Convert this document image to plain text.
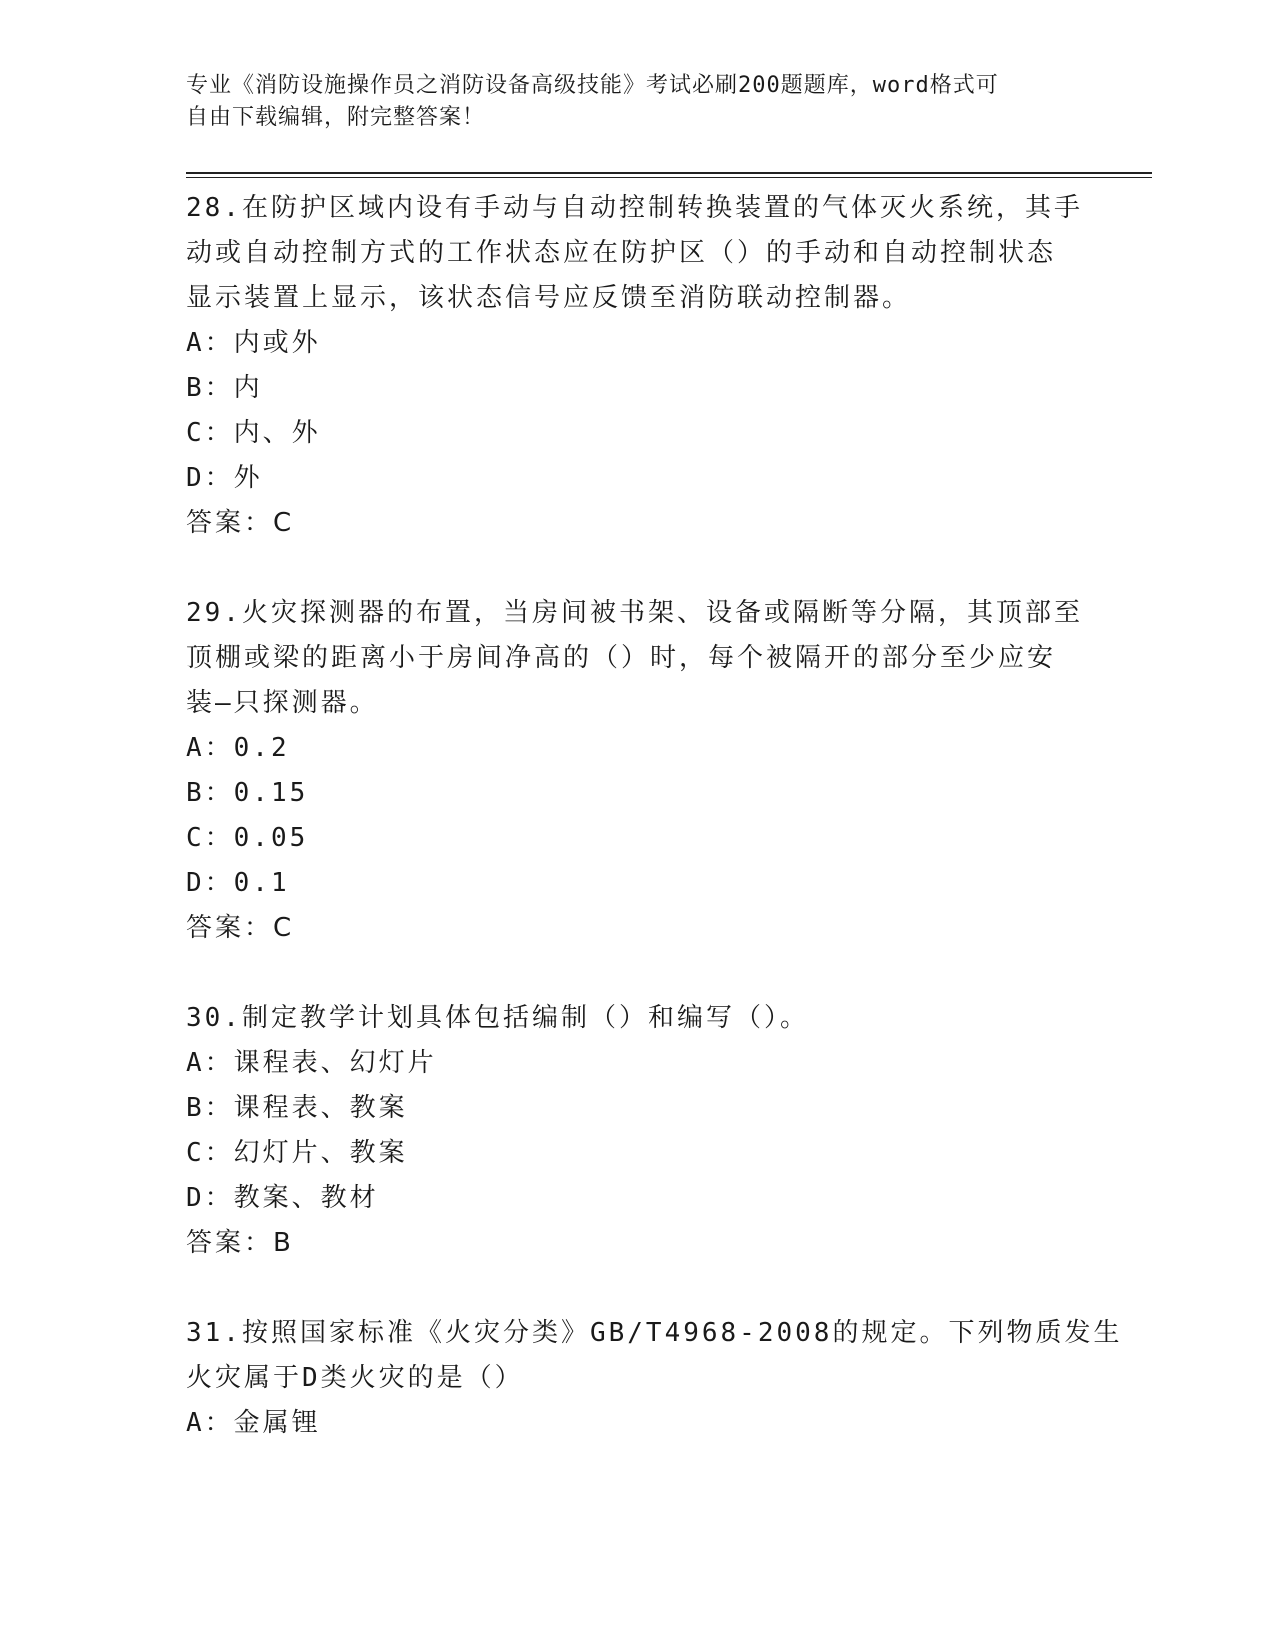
专业《消防设施操作员之消防设备高级技能》考试必刷200题题库，word格式可
自由下载编辑，附完整答案！
28.在防护区域内设有手动与自动控制转换装置的气体灭火系统，其手
动或自动控制方式的工作状态应在防护区（）的手动和自动控制状态
显示装置上显示，该状态信号应反馈至消防联动控制器。
A：内或外
B：内
C：内、外
D：外
答案：C
29.火灾探测器的布置，当房间被书架、设备或隔断等分隔，其顶部至
顶棚或梁的距离小于房间净高的（）时，每个被隔开的部分至少应安
装—只探测器。
A：0.2
B：0.15
C：0.05
D：0.1
答案：C
30.制定教学计划具体包括编制（）和编写（）。
A：课程表、幻灯片
B：课程表、教案
C：幻灯片、教案
D：教案、教材
答案：B
31.按照国家标准《火灾分类》GB/T4968-2008的规定。下列物质发生
火灾属于D类火灾的是（）
A：金属锂
